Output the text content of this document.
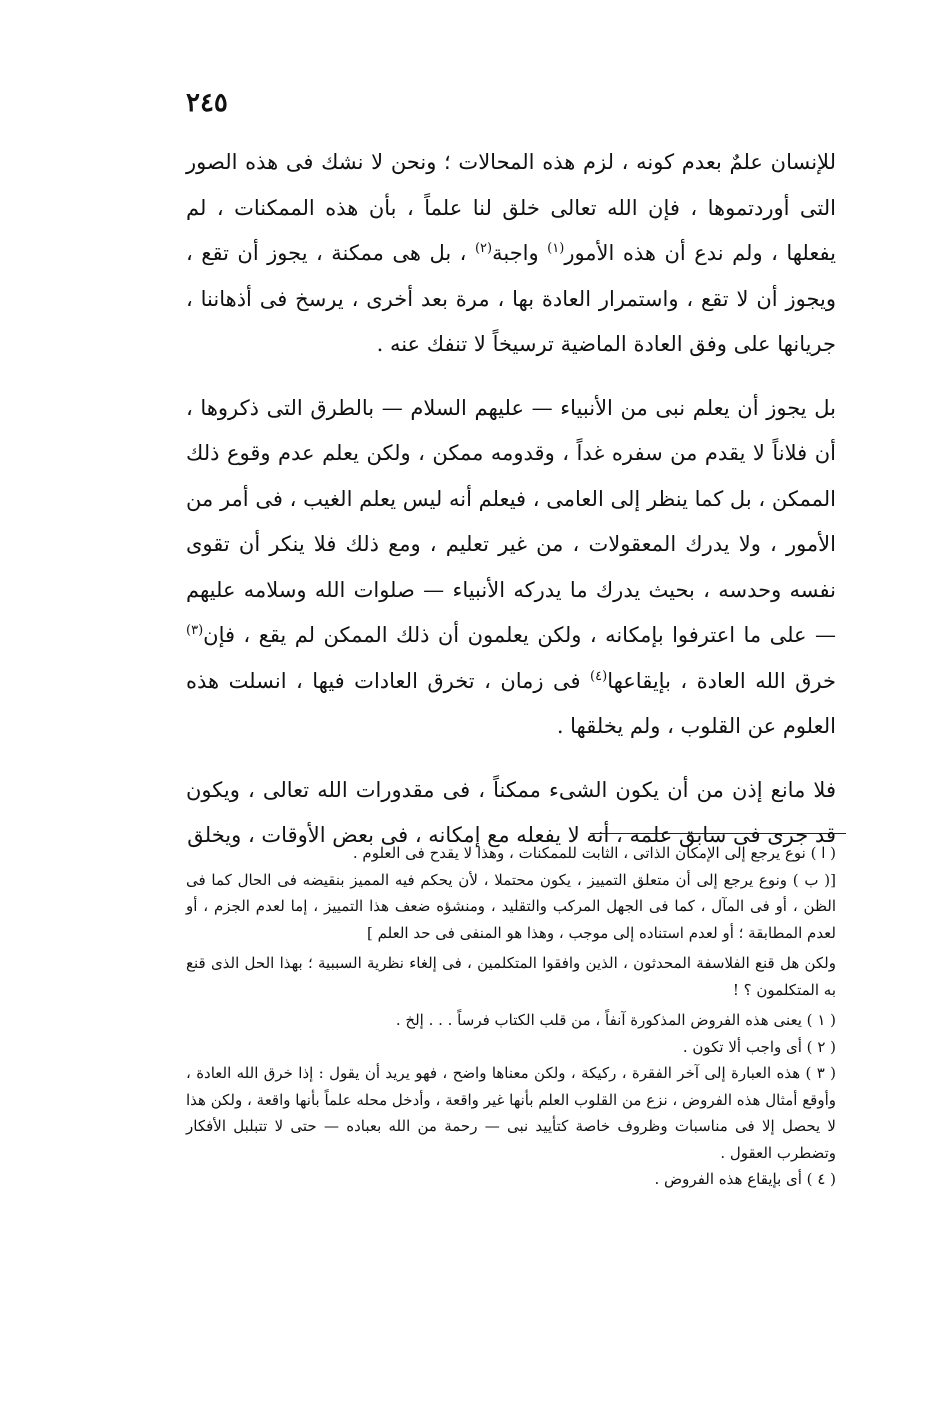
٢٤٥

للإنسان علمٌ بعدم كونه ، لزم هذه المحالات ؛ ونحن لا نشك فى هذه الصور التى أوردتموها ، فإن الله تعالى خلق لنا علماً ، بأن هذه الممكنات ، لم يفعلها ، ولم ندع أن هذه الأمور$^{(١)}$ واجبة$^{(٢)}$ ، بل هى ممكنة ، يجوز أن تقع ، ويجوز أن لا تقع ، واستمرار العادة بها ، مرة بعد أخرى ، يرسخ فى أذهاننا ، جريانها على وفق العادة الماضية ترسيخاً لا تنفك عنه .

بل يجوز أن يعلم نبى من الأنبياء — عليهم السلام — بالطرق التى ذكروها ، أن فلاناً لا يقدم من سفره غداً ، وقدومه ممكن ، ولكن يعلم عدم وقوع ذلك الممكن ، بل كما ينظر إلى العامى ، فيعلم أنه ليس يعلم الغيب ، فى أمر من الأمور ، ولا يدرك المعقولات ، من غير تعليم ، ومع ذلك فلا ينكر أن تقوى نفسه وحدسه ، بحيث يدرك ما يدركه الأنبياء — صلوات الله وسلامه عليهم — على ما اعترفوا بإمكانه ، ولكن يعلمون أن ذلك الممكن لم يقع ، فإن$^{(٣)}$ خرق الله العادة ، بإيقاعها$^{(٤)}$ فى زمان ، تخرق العادات فيها ، انسلت هذه العلوم عن القلوب ، ولم يخلقها .

فلا مانع إذن من أن يكون الشىء ممكناً ، فى مقدورات الله تعالى ، ويكون قد جرى فى سابق علمه ، أنه لا يفعله مع إمكانه ، فى بعض الأوقات ، ويخلق

( ا ) نوع يرجع إلى الإمكان الذاتى ، الثابت للممكنات ، وهذا لا يقدح فى العلوم .

[( ب ) ونوع يرجع إلى أن متعلق التمييز ، يكون محتملا ، لأن يحكم فيه المميز بنقيضه فى الحال كما فى الظن ، أو فى المآل ، كما فى الجهل المركب والتقليد ، ومنشؤه ضعف هذا التمييز ، إما لعدم الجزم ، أو لعدم المطابقة ؛ أو لعدم استناده إلى موجب ، وهذا هو المنفى فى حد العلم ]

ولكن هل قنع الفلاسفة المحدثون ، الذين وافقوا المتكلمين ، فى إلغاء نظرية السببية ؛ بهذا الحل الذى قنع به المتكلمون ؟ !

( ١ ) يعنى هذه الفروض المذكورة آنفاً ، من قلب الكتاب فرساً . . . إلخ .

( ٢ ) أى واجب ألا تكون .

( ٣ ) هذه العبارة إلى آخر الفقرة ، ركيكة ، ولكن معناها واضح ، فهو يريد أن يقول : إذا خرق الله العادة ، وأوقع أمثال هذه الفروض ، نزع من القلوب العلم بأنها غير واقعة ، وأدخل محله علماً بأنها واقعة ، ولكن هذا لا يحصل إلا فى مناسبات وظروف خاصة كتأييد نبى — رحمة من الله بعباده — حتى لا تتبلبل الأفكار وتضطرب العقول .

( ٤ ) أى بإيقاع هذه الفروض .
